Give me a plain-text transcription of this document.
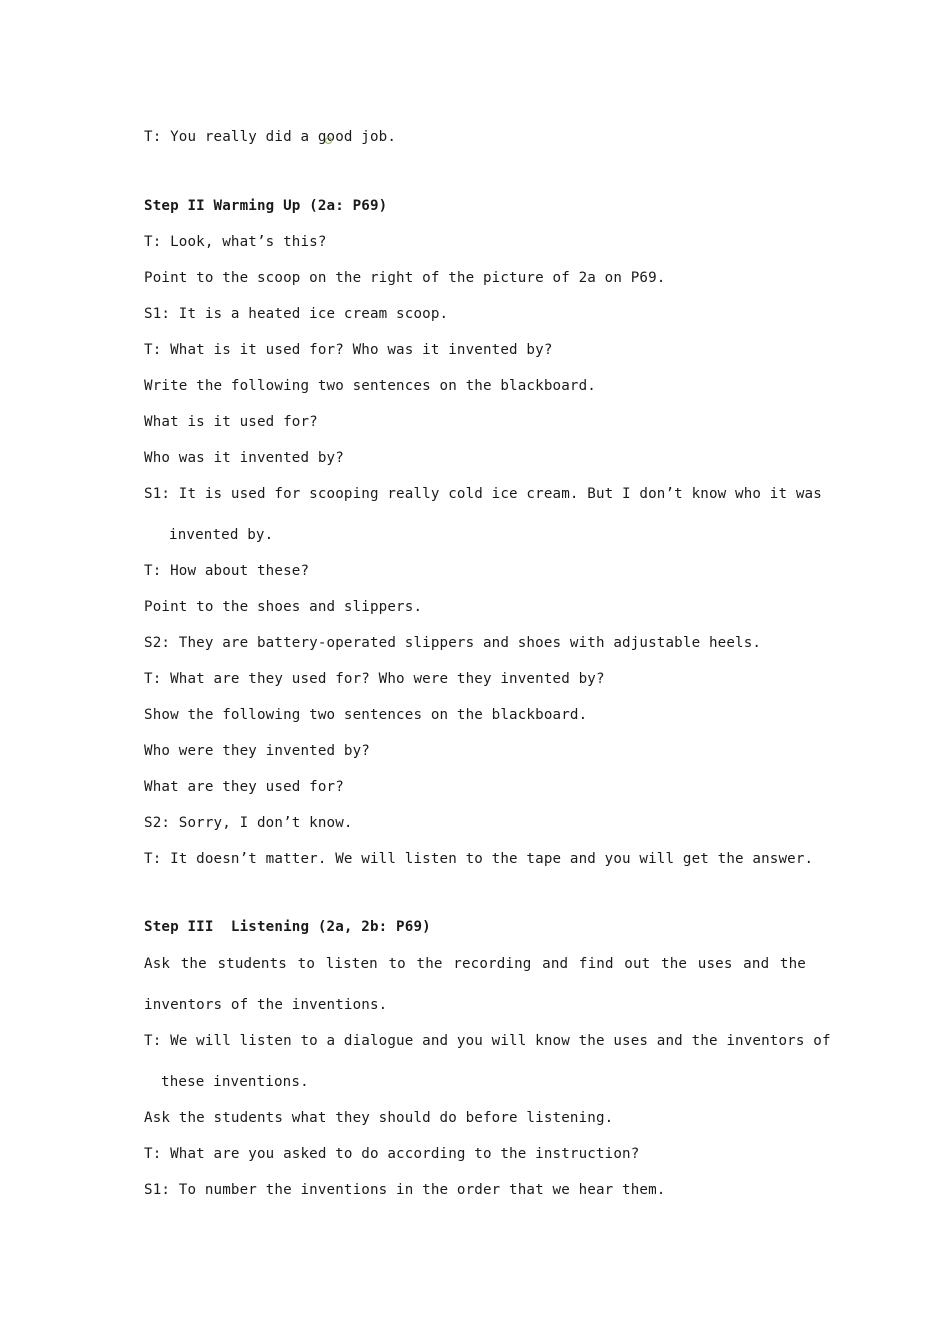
T: You really did a good job.
Step II Warming Up (2a: P69)
T: Look, what’s this?
Point to the scoop on the right of the picture of 2a on P69.
S1: It is a heated ice cream scoop.
T: What is it used for? Who was it invented by?
Write the following two sentences on the blackboard.
What is it used for?
Who was it invented by?
S1: It is used for scooping really cold ice cream. But I don’t know who it was
invented by.
T: How about these?
Point to the shoes and slippers.
S2: They are battery-operated slippers and shoes with adjustable heels.
T: What are they used for? Who were they invented by?
Show the following two sentences on the blackboard.
Who were they invented by?
What are they used for?
S2: Sorry, I don’t know.
T: It doesn’t matter. We will listen to the tape and you will get the answer.
Step III  Listening (2a, 2b: P69)
Ask the students to listen to the recording and find out the uses and the
inventors of the inventions.
T: We will listen to a dialogue and you will know the uses and the inventors of
these inventions.
Ask the students what they should do before listening.
T: What are you asked to do according to the instruction?
S1: To number the inventions in the order that we hear them.
